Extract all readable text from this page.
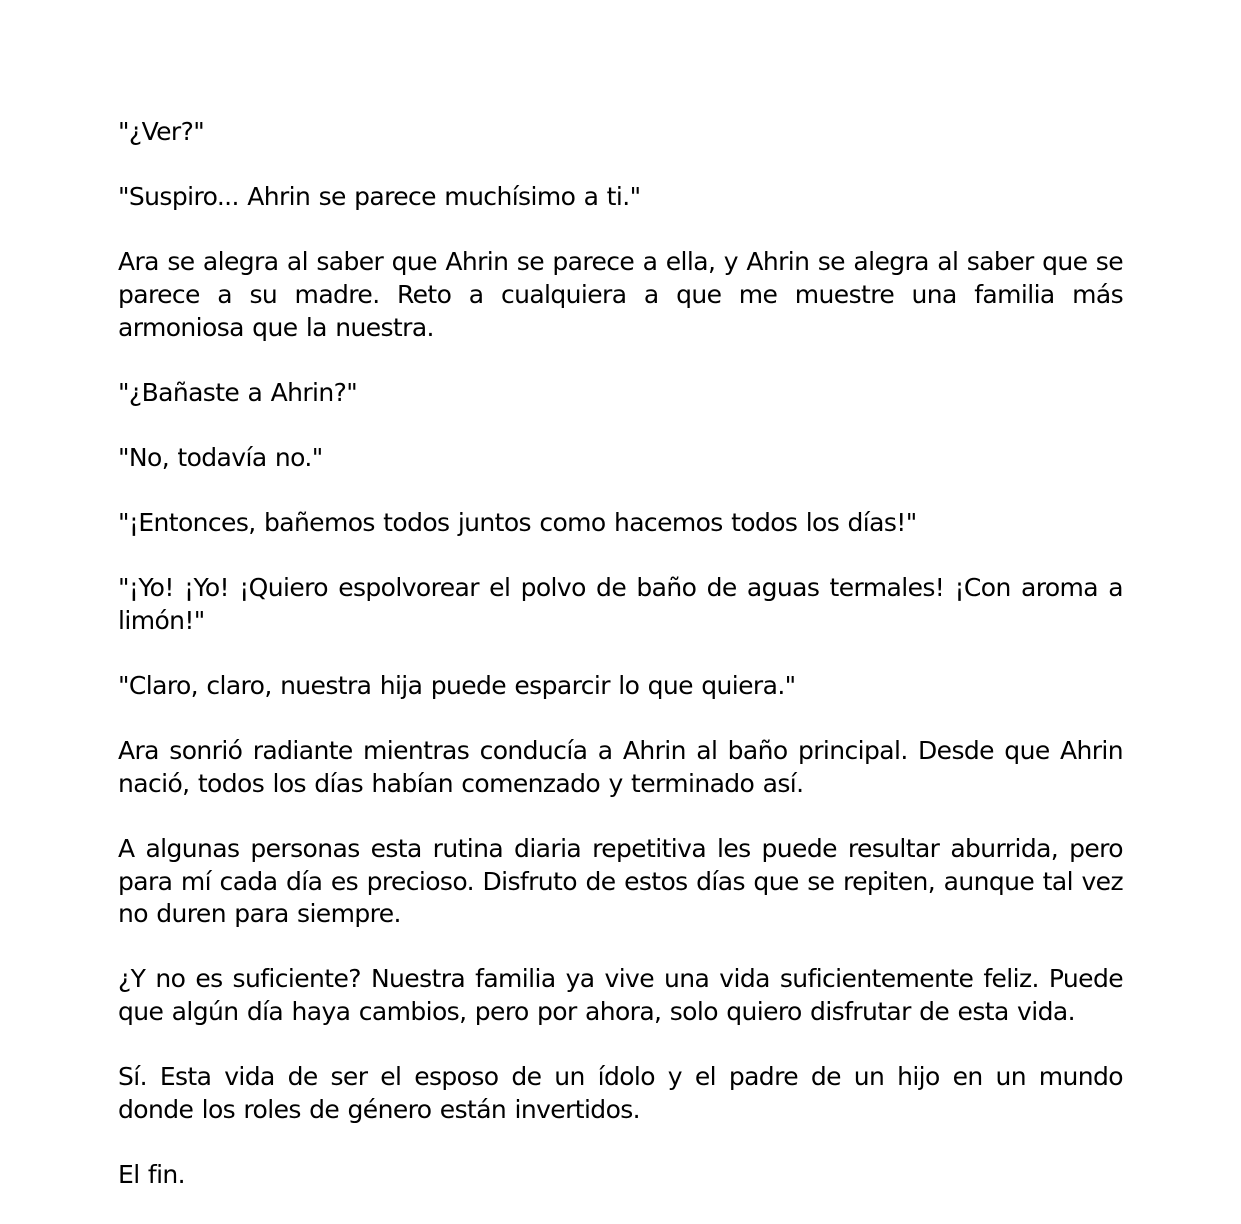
"¿Ver?"

"Suspiro... Ahrin se parece muchísimo a ti."

Ara se alegra al saber que Ahrin se parece a ella, y Ahrin se alegra al saber que se parece a su madre. Reto a cualquiera a que me muestre una familia más armoniosa que la nuestra.

"¿Bañaste a Ahrin?"

"No, todavía no."

"¡Entonces, bañemos todos juntos como hacemos todos los días!"

"¡Yo! ¡Yo! ¡Quiero espolvorear el polvo de baño de aguas termales! ¡Con aroma a limón!"

"Claro, claro, nuestra hija puede esparcir lo que quiera."

Ara sonrió radiante mientras conducía a Ahrin al baño principal. Desde que Ahrin nació, todos los días habían comenzado y terminado así.

A algunas personas esta rutina diaria repetitiva les puede resultar aburrida, pero para mí cada día es precioso. Disfruto de estos días que se repiten, aunque tal vez no duren para siempre.

¿Y no es suficiente? Nuestra familia ya vive una vida suficientemente feliz. Puede que algún día haya cambios, pero por ahora, solo quiero disfrutar de esta vida.

Sí. Esta vida de ser el esposo de un ídolo y el padre de un hijo en un mundo donde los roles de género están invertidos.

El fin.
